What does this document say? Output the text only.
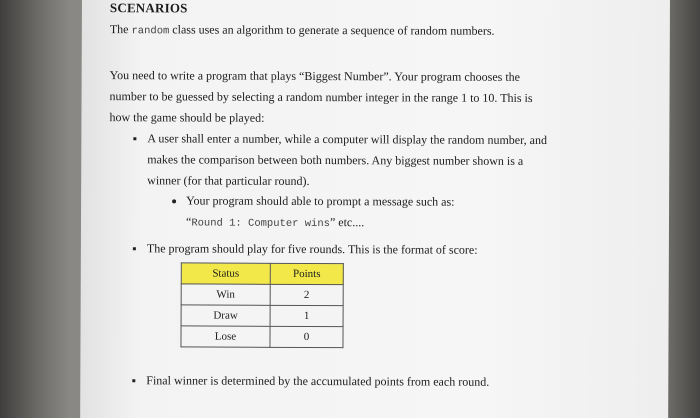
SCENARIOS
The random class uses an algorithm to generate a sequence of random numbers.
You need to write a program that plays “Biggest Number”. Your program chooses the
number to be guessed by selecting a random number integer in the range 1 to 10. This is
how the game should be played:
A user shall enter a number, while a computer will display the random number, and
makes the comparison between both numbers. Any biggest number shown is a
winner (for that particular round).
Your program should able to prompt a message such as:
“Round 1: Computer wins” etc....
The program should play for five rounds. This is the format of score:
Status	Points
Win	2
Draw	1
Lose	0
Final winner is determined by the accumulated points from each round.
